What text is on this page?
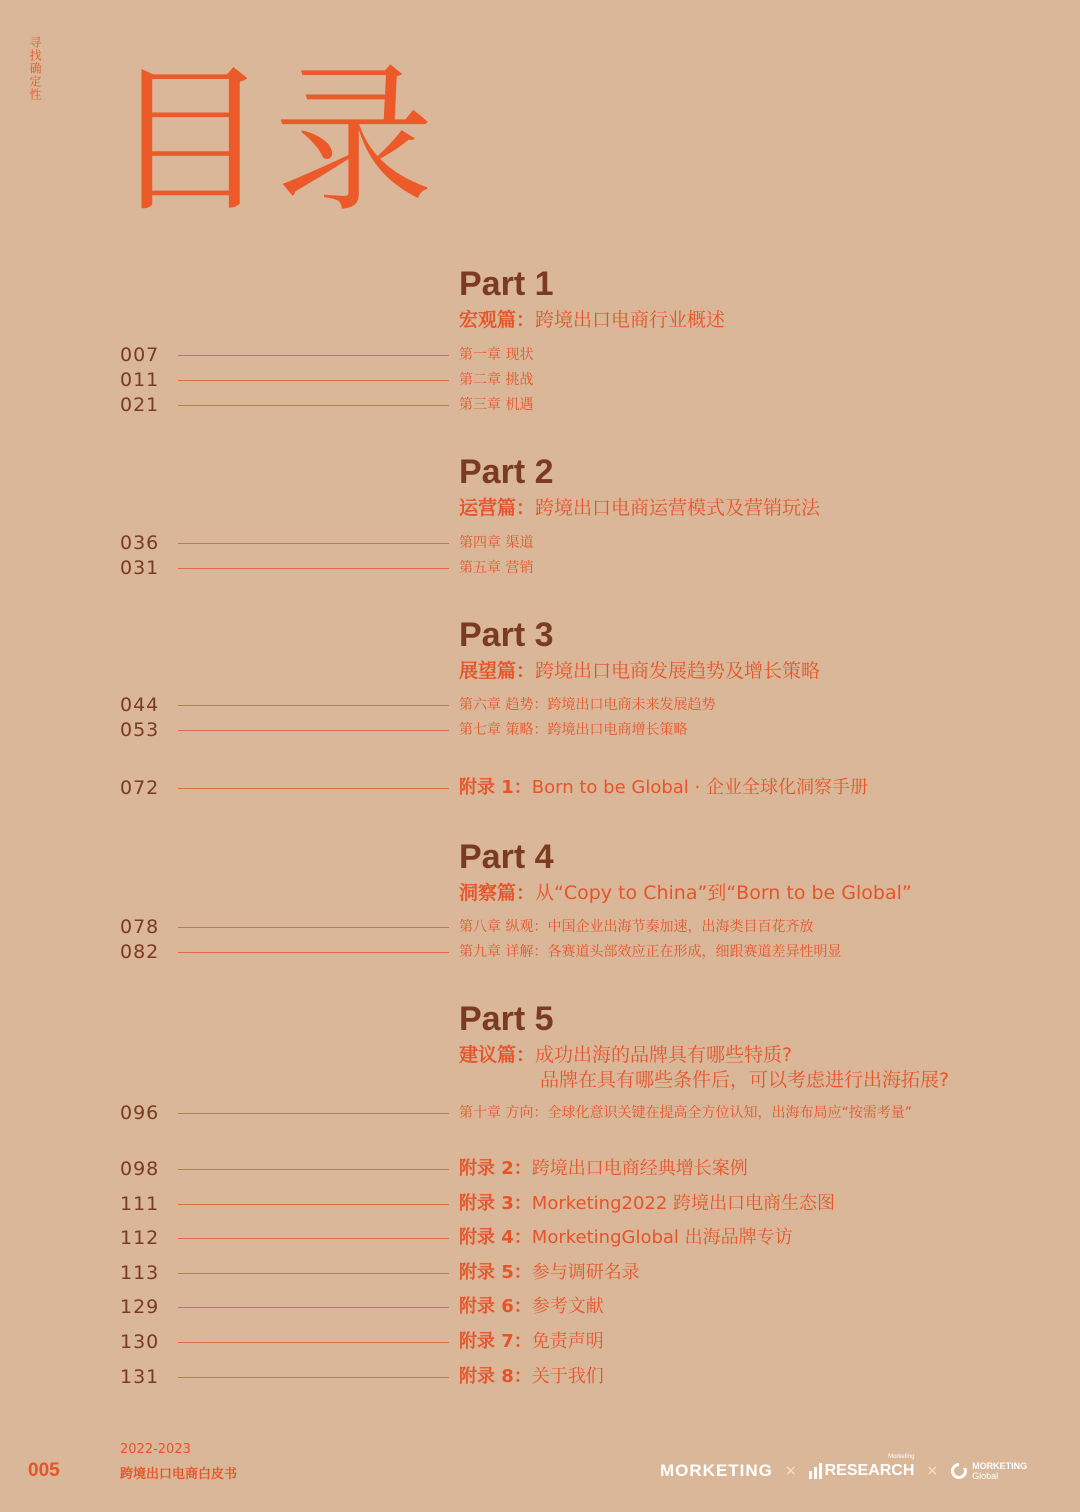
寻找确定性 目录
Part 1
宏观篇：跨境出口电商行业概述
007	第一章 现状
011	第二章 挑战
021	第三章 机遇
Part 2
运营篇：跨境出口电商运营模式及营销玩法
036	第四章 渠道
031	第五章 营销
Part 3
展望篇：跨境出口电商发展趋势及增长策略
044	第六章 趋势：跨境出口电商未来发展趋势
053	第七章 策略：跨境出口电商增长策略
072	附录 1：Born to be Global · 企业全球化洞察手册
Part 4
洞察篇：从“Copy to China”到“Born to be Global”
078	第八章 纵观：中国企业出海节奏加速，出海类目百花齐放
082	第九章 详解：各赛道头部效应正在形成，细跟赛道差异性明显
Part 5
建议篇：成功出海的品牌具有哪些特质?
品牌在具有哪些条件后，可以考虑进行出海拓展?
096	第十章 方向：全球化意识关键在提高全方位认知，出海布局应“按需考量”
098	附录 2：跨境出口电商经典增长案例
111	附录 3：Morketing2022 跨境出口电商生态图
112	附录 4：MorketingGlobal 出海品牌专访
113	附录 5：参与调研名录
129	附录 6：参考文献
130	附录 7：免责声明
131	附录 8：关于我们
005
2022-2023
跨境出口电商白皮书	MORKETING ×
Morketing
RESEARCH ×	MORKETING
Global
